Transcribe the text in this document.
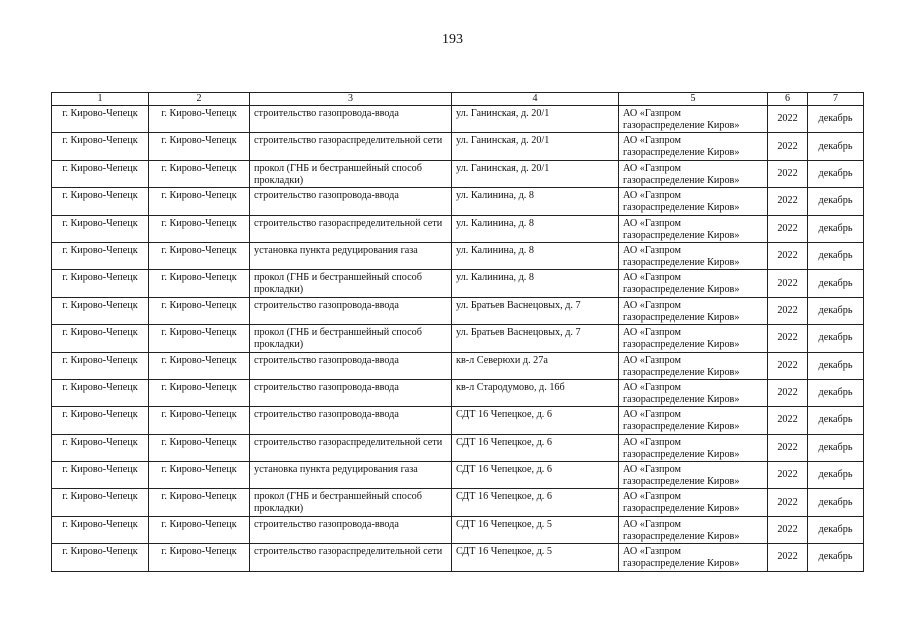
193
1	2	3	4	5	6	7
г. Кирово-Чепецк	г. Кирово-Чепецк	строительство газопровода-ввода	ул. Ганинская, д. 20/1	АО «Газпром газораспределение Киров»	2022	декабрь
г. Кирово-Чепецк	г. Кирово-Чепецк	строительство газораспределительной сети	ул. Ганинская, д. 20/1	АО «Газпром газораспределение Киров»	2022	декабрь
г. Кирово-Чепецк	г. Кирово-Чепецк	прокол (ГНБ и бестраншейный способ прокладки)	ул. Ганинская, д. 20/1	АО «Газпром газораспределение Киров»	2022	декабрь
г. Кирово-Чепецк	г. Кирово-Чепецк	строительство газопровода-ввода	ул. Калинина, д. 8	АО «Газпром газораспределение Киров»	2022	декабрь
г. Кирово-Чепецк	г. Кирово-Чепецк	строительство газораспределительной сети	ул. Калинина, д. 8	АО «Газпром газораспределение Киров»	2022	декабрь
г. Кирово-Чепецк	г. Кирово-Чепецк	установка пункта редуцирования газа	ул. Калинина, д. 8	АО «Газпром газораспределение Киров»	2022	декабрь
г. Кирово-Чепецк	г. Кирово-Чепецк	прокол (ГНБ и бестраншейный способ прокладки)	ул. Калинина, д. 8	АО «Газпром газораспределение Киров»	2022	декабрь
г. Кирово-Чепецк	г. Кирово-Чепецк	строительство газопровода-ввода	ул. Братьев Васнецовых, д. 7	АО «Газпром газораспределение Киров»	2022	декабрь
г. Кирово-Чепецк	г. Кирово-Чепецк	прокол (ГНБ и бестраншейный способ прокладки)	ул. Братьев Васнецовых, д. 7	АО «Газпром газораспределение Киров»	2022	декабрь
г. Кирово-Чепецк	г. Кирово-Чепецк	строительство газопровода-ввода	кв-л Северюхи д. 27а	АО «Газпром газораспределение Киров»	2022	декабрь
г. Кирово-Чепецк	г. Кирово-Чепецк	строительство газопровода-ввода	кв-л Стародумово, д. 16б	АО «Газпром газораспределение Киров»	2022	декабрь
г. Кирово-Чепецк	г. Кирово-Чепецк	строительство газопровода-ввода	СДТ 16 Чепецкое, д. 6	АО «Газпром газораспределение Киров»	2022	декабрь
г. Кирово-Чепецк	г. Кирово-Чепецк	строительство газораспределительной сети	СДТ 16 Чепецкое, д. 6	АО «Газпром газораспределение Киров»	2022	декабрь
г. Кирово-Чепецк	г. Кирово-Чепецк	установка пункта редуцирования газа	СДТ 16 Чепецкое, д. 6	АО «Газпром газораспределение Киров»	2022	декабрь
г. Кирово-Чепецк	г. Кирово-Чепецк	прокол (ГНБ и бестраншейный способ прокладки)	СДТ 16 Чепецкое, д. 6	АО «Газпром газораспределение Киров»	2022	декабрь
г. Кирово-Чепецк	г. Кирово-Чепецк	строительство газопровода-ввода	СДТ 16 Чепецкое, д. 5	АО «Газпром газораспределение Киров»	2022	декабрь
г. Кирово-Чепецк	г. Кирово-Чепецк	строительство газораспределительной сети	СДТ 16 Чепецкое, д. 5	АО «Газпром газораспределение Киров»	2022	декабрь
